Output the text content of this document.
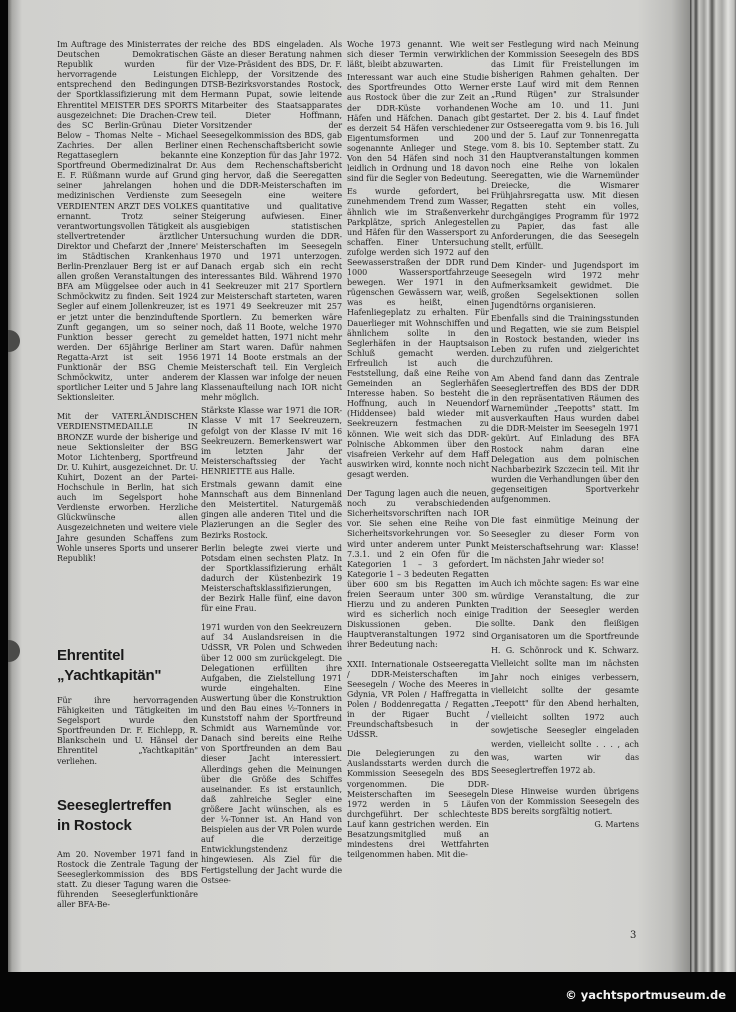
Im Auftrage des Ministerrates der Deutschen Demokratischen Republik wurden für hervorragende Leistungen entsprechend den Bedingungen der Sportklassifizierung mit dem Ehrentitel MEISTER DES SPORTS ausgezeichnet: Die Drachen-Crew des SC Berlin-Grünau Dieter Below – Thomas Nelte – Michael Zachries. Der allen Berliner Regattaseglern bekannte Sportfreund Obermedizinalrat Dr. E. F. Rüßmann wurde auf Grund seiner jahrelangen hohen medizinischen Verdienste zum VERDIENTEN ARZT DES VOLKES ernannt. Trotz seiner verantwortungsvollen Tätigkeit als stellvertretender ärztlicher Direktor und Chefarzt der ‚Innere' im Städtischen Krankenhaus Berlin-Prenzlauer Berg ist er auf allen großen Veranstaltungen des BFA am Müggelsee oder auch in Schmöckwitz zu finden. Seit 1924 Segler auf einem Jollenkreuzer, ist er jetzt unter die benzinduftende Zunft gegangen, um so seiner Funktion besser gerecht zu werden. Der 65jährige Berliner Regatta-Arzt ist seit 1956 Funktionär der BSG Chemie Schmöckwitz, unter anderem sportlicher Leiter und 5 Jahre lang Sektionsleiter.

Mit der VATERLÄNDISCHEN VERDIENSTMEDAILLE IN BRONZE wurde der bisherige und neue Sektionsleiter der BSG Motor Lichtenberg, Sportfreund Dr. U. Kuhirt, ausgezeichnet. Dr. U. Kuhirt, Dozent an der Partei-Hochschule in Berlin, hat sich auch im Segelsport hohe Verdienste erworben. Herzliche Glückwünsche allen Ausgezeichneten und weitere viele Jahre gesunden Schaffens zum Wohle unseres Sports und unserer Republik!

Ehrentitel
„Yachtkapitän"

Für ihre hervorragenden Fähigkeiten und Tätigkeiten im Segelsport wurde den Sportfreunden Dr. F. Eichlepp, R. Blankschein und U. Hänsel der Ehrentitel „Yachtkapitän" verliehen.

Seeseglertreffen
in Rostock

Am 20. November 1971 fand in Rostock die Zentrale Tagung der Seeseglerkommission des BDS statt. Zu dieser Tagung waren die führenden Seeseglerfunktionäre aller BFA-Be-

reiche des BDS eingeladen. Als Gäste an dieser Beratung nahmen der Vize-Präsident des BDS, Dr. F. Eichlepp, der Vorsitzende des DTSB-Bezirksvorstandes Rostock, Hermann Pupat, sowie leitende Mitarbeiter des Staatsapparates teil. Dieter Hoffmann, Vorsitzender der Seesegelkommission des BDS, gab einen Rechenschaftsbericht sowie eine Konzeption für das Jahr 1972. Aus dem Rechenschaftsbericht ging hervor, daß die Seeregatten und die DDR-Meisterschaften im Seesegeln eine weitere quantitative und qualitative Steigerung aufwiesen. Einer ausgiebigen statistischen Untersuchung wurden die DDR-Meisterschaften im Seesegeln 1970 und 1971 unterzogen. Danach ergab sich ein recht interessantes Bild. Während 1970 41 Seekreuzer mit 217 Sportlern zur Meisterschaft starteten, waren es 1971 49 Seekreuzer mit 257 Sportlern. Zu bemerken wäre noch, daß 11 Boote, welche 1970 gemeldet hatten, 1971 nicht mehr am Start waren. Dafür nahmen 1971 14 Boote erstmals an der Meisterschaft teil. Ein Vergleich der Klassen war infolge der neuen Klassenaufteilung nach IOR nicht mehr möglich.

Stärkste Klasse war 1971 die IOR-Klasse V mit 17 Seekreuzern, gefolgt von der Klasse IV mit 16 Seekreuzern. Bemerkenswert war im letzten Jahr der Meisterschaftssieg der Yacht HENRIETTE aus Halle.

Erstmals gewann damit eine Mannschaft aus dem Binnenland den Meistertitel. Naturgemäß gingen alle anderen Titel und die Plazierungen an die Segler des Bezirks Rostock.

Berlin belegte zwei vierte und Potsdam einen sechsten Platz. In der Sportklassifizierung erhält dadurch der Küstenbezirk 19 Meisterschaftsklassifizierungen, der Bezirk Halle fünf, eine davon für eine Frau.

1971 wurden von den Seekreuzern auf 34 Auslandsreisen in die UdSSR, VR Polen und Schweden über 12 000 sm zurückgelegt. Die Delegationen erfüllten ihre Aufgaben, die Zielstellung 1971 wurde eingehalten. Eine Auswertung über die Konstruktion und den Bau eines ½-Tonners in Kunststoff nahm der Sportfreund Schmidt aus Warnemünde vor. Danach sind bereits eine Reihe von Sportfreunden an dem Bau dieser Jacht interessiert. Allerdings gehen die Meinungen über die Größe des Schiffes auseinander. Es ist erstaunlich, daß zahlreiche Segler eine größere Jacht wünschen, als es der ¼-Tonner ist. An Hand von Beispielen aus der VR Polen wurde auf die derzeitige Entwicklungstendenz hingewiesen. Als Ziel für die Fertigstellung der Jacht wurde die Ostsee-

Woche 1973 genannt. Wie weit sich dieser Termin verwirklichen läßt, bleibt abzuwarten.

Interessant war auch eine Studie des Sportfreundes Otto Werner aus Rostock über die zur Zeit an der DDR-Küste vorhandenen Häfen und Häfchen. Danach gibt es derzeit 54 Häfen verschiedener Eigentumsformen und 200 sogenannte Anlieger und Stege. Von den 54 Häfen sind noch 31 leidlich in Ordnung und 18 davon sind für die Segler von Bedeutung.

Es wurde gefordert, bei zunehmendem Trend zum Wasser, ähnlich wie im Straßenverkehr Parkplätze, sprich Anlegestellen und Häfen für den Wassersport zu schaffen. Einer Untersuchung zufolge werden sich 1972 auf den Seewasserstraßen der DDR rund 1000 Wassersportfahrzeuge bewegen. Wer 1971 in den rügenschen Gewässern war, weiß, was es heißt, einen Hafenliegeplatz zu erhalten. Für Dauerlieger mit Wohnschiffen und ähnlichem sollte in den Seglerhäfen in der Hauptsaison Schluß gemacht werden. Erfreulich ist auch die Feststellung, daß eine Reihe von Gemeinden an Seglerhäfen Interesse haben. So besteht die Hoffnung, auch in Neuendorf (Hiddensee) bald wieder mit Seekreuzern festmachen zu können. Wie weit sich das DDR-Polnische Abkommen über den visafreien Verkehr auf dem Haff auswirken wird, konnte noch nicht gesagt werden.

Der Tagung lagen auch die neuen, noch zu verabschiedenden Sicherheitsvorschriften nach IOR vor. Sie sehen eine Reihe von Sicherheitsvorkehrungen vor. So wird unter anderem unter Punkt 7.3.1. und 2 ein Ofen für die Kategorien 1 – 3 gefordert. Kategorie 1 – 3 bedeuten Regatten über 600 sm bis Regatten im freien Seeraum unter 300 sm. Hierzu und zu anderen Punkten wird es sicherlich noch einige Diskussionen geben. Die Hauptveranstaltungen 1972 sind ihrer Bedeutung nach:

XXII. Internationale Ostseeregatta / DDR-Meisterschaften im Seesegeln / Woche des Meeres in Gdynia, VR Polen / Haffregatta in Polen / Boddenregatta / Regatten in der Rigaer Bucht / Freundschaftsbesuch in der UdSSR.

Die Delegierungen zu den Auslandsstarts werden durch die Kommission Seesegeln des BDS vorgenommen. Die DDR-Meisterschaften im Seesegeln 1972 werden in 5 Läufen durchgeführt. Der schlechteste Lauf kann gestrichen werden. Ein Besatzungsmitglied muß an mindestens drei Wettfahrten teilgenommen haben. Mit die-

ser Festlegung wird nach Meinung der Kommission Seesegeln des BDS das Limit für Freistellungen im bisherigen Rahmen gehalten. Der erste Lauf wird mit dem Rennen „Rund Rügen" zur Stralsunder Woche am 10. und 11. Juni gestartet. Der 2. bis 4. Lauf findet zur Ostseeregatta vom 9. bis 16. Juli und der 5. Lauf zur Tonnenregatta vom 8. bis 10. September statt. Zu den Hauptveranstaltungen kommen noch eine Reihe von lokalen Seeregatten, wie die Warnemünder Dreiecke, die Wismarer Frühjahrsregatta usw. Mit diesen Regatten steht ein volles, durchgängiges Programm für 1972 zu Papier, das fast alle Anforderungen, die das Seesegeln stellt, erfüllt.

Dem Kinder- und Jugendsport im Seesegeln wird 1972 mehr Aufmerksamkeit gewidmet. Die großen Segelsektionen sollen Jugendtörns organisieren.

Ebenfalls sind die Trainingsstunden und Regatten, wie sie zum Beispiel in Rostock bestanden, wieder ins Leben zu rufen und zielgerichtet durchzuführen.

Am Abend fand dann das Zentrale Seeseglertreffen des BDS der DDR in den repräsentativen Räumen des Warnemünder „Teepotts" statt. Im ausverkauften Haus wurden dabei die DDR-Meister im Seesegeln 1971 gekürt. Auf Einladung des BFA Rostock nahm daran eine Delegation aus dem polnischen Nachbarbezirk Szczecin teil. Mit ihr wurden die Verhandlungen über den gegenseitigen Sportverkehr aufgenommen.

Die fast einmütige Meinung der Seesegler zu dieser Form von Meisterschaftsehrung war: Klasse! Im nächsten Jahr wieder so!

Auch ich möchte sagen: Es war eine würdige Veranstaltung, die zur Tradition der Seesegler werden sollte. Dank den fleißigen Organisatoren um die Sportfreunde H. G. Schönrock und K. Schwarz. Vielleicht sollte man im nächsten Jahr noch einiges verbessern, vielleicht sollte der gesamte „Teepott" für den Abend herhalten, vielleicht sollten 1972 auch sowjetische Seesegler eingeladen werden, vielleicht sollte . . . , ach was, warten wir das Seeseglertreffen 1972 ab.

Diese Hinweise wurden übrigens von der Kommission Seesegeln des BDS bereits sorgfältig notiert.

G. Martens
3
© yachtsportmuseum.de
